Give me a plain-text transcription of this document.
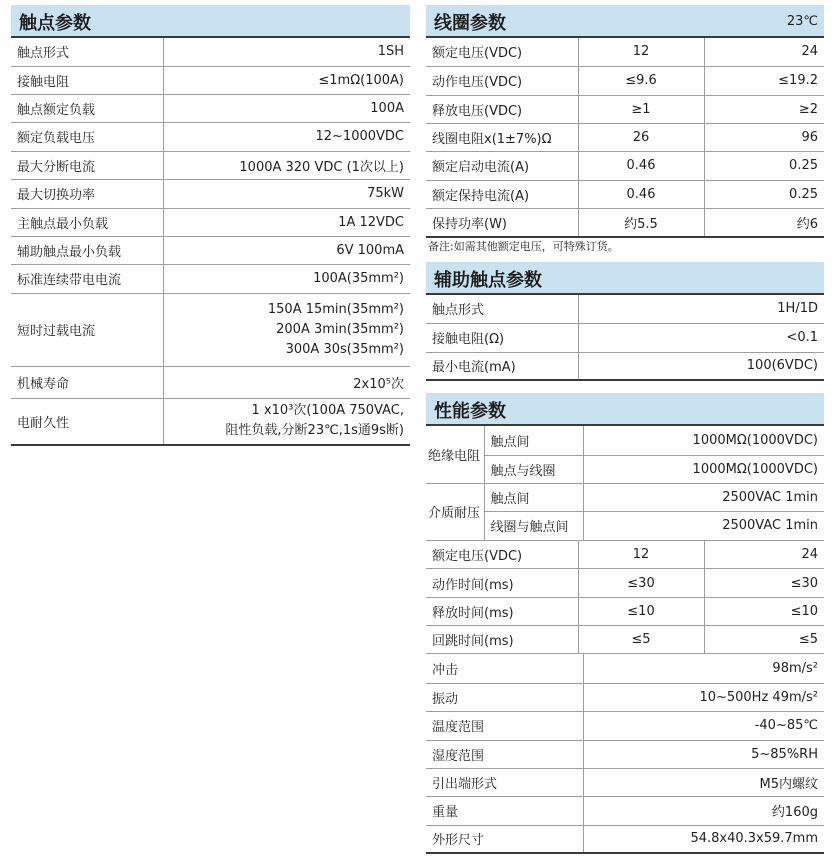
触点参数
触点形式	1SH
接触电阻	≤1mΩ(100A)
触点额定负载	100A
额定负载电压	12~1000VDC
最大分断电流	1000A 320 VDC (1次以上)
最大切换功率	75kW
主触点最小负载	1A 12VDC
辅助触点最小负载	6V 100mA
标准连续带电电流	100A(35mm²)
短时过载电流	150A 15min(35mm²)
200A 3min(35mm²)
300A 30s(35mm²)

机械寿命	2x10⁵次
电耐久性	1 x10³次(100A 750VAC,
阻性负载,分断23℃,1s通9s断)
线圈参数	23℃
额定电压(VDC)	12	24
动作电压(VDC)	≤9.6	≤19.2
释放电压(VDC)	≥1	≥2
线圈电阻x(1±7%)Ω	26	96
额定启动电流(A)	0.46	0.25
额定保持电流(A)	0.46	0.25
保持功率(W)	约5.5	约6
备注:如需其他额定电压，可特殊订货。
辅助触点参数
触点形式	1H/1D
接触电阻(Ω)	<0.1
最小电流(mA)	100(6VDC)
性能参数
绝缘电阻	触点间	1000MΩ(1000VDC)
	触点与线圈	1000MΩ(1000VDC)
介质耐压	触点间	2500VAC 1min
	线圈与触点间	2500VAC 1min
额定电压(VDC)	12	24
动作时间(ms)	≤30	≤30
释放时间(ms)	≤10	≤10
回跳时间(ms)	≤5	≤5
冲击	98m/s²
振动	10~500Hz 49m/s²
温度范围	-40~85℃
湿度范围	5~85%RH
引出端形式	M5内螺纹
重量	约160g
外形尺寸	54.8x40.3x59.7mm
